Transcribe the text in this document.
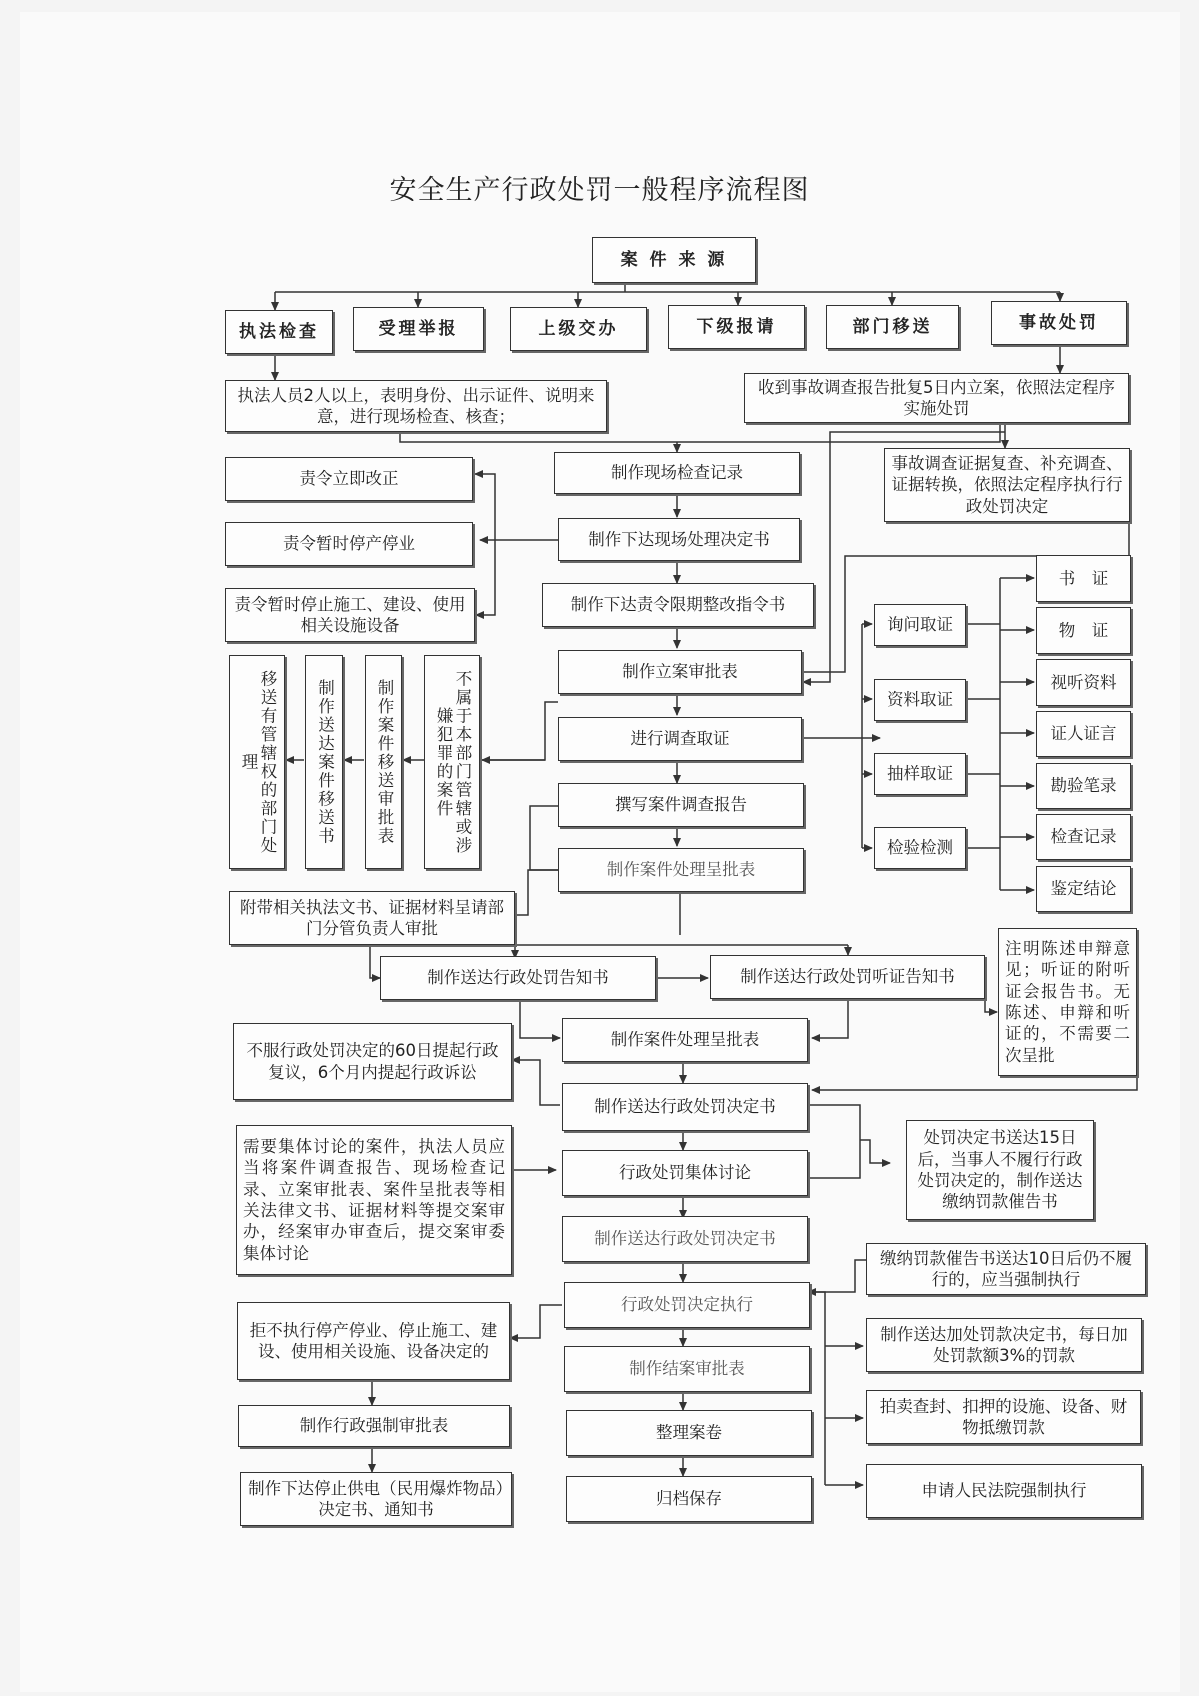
安全生产行政处罚一般程序流程图
案 件 来 源
执法检查	受理举报	上级交办	下级报请	部门移送	事故处罚
执法人员2人以上，表明身份、出示证件、说明来意，进行现场检查、核查；
收到事故调查报告批复5日内立案，依照法定程序实施处罚
制作现场检查记录	事故调查证据复查、补充调查、证据转换，依照法定程序执行行政处罚决定
责令立即改正
责令暂时停产停业	制作下达现场处理决定书
责令暂时停止施工、建设、使用相关设施设备
制作下达责令限期整改指令书
移送有管辖权的部门处理	制作送达案件移送书	制作案件移送审批表	不属于本部门管辖或涉嫌犯罪的案件
制作立案审批表
进行调查取证
询问取证
资料取证
抽样取证
检验检测
书　证
物　证
视听资料
证人证言
勘验笔录
检查记录
鉴定结论
撰写案件调查报告
制作案件处理呈批表
附带相关执法文书、证据材料呈请部门分管负责人审批
制作送达行政处罚告知书	制作送达行政处罚听证告知书
注明陈述申辩意见；听证的附听证会报告书。无陈述、申辩和听证的，不需要二次呈批
不服行政处罚决定的60日提起行政复议，6个月内提起行政诉讼
制作案件处理呈批表
制作送达行政处罚决定书
需要集体讨论的案件，执法人员应当将案件调查报告、现场检查记录、立案审批表、案件呈批表等相关法律文书、证据材料等提交案审办，经案审办审查后，提交案审委集体讨论
行政处罚集体讨论
制作送达行政处罚决定书
处罚决定书送达15日后，当事人不履行行政处罚决定的，制作送达缴纳罚款催告书
缴纳罚款催告书送达10日后仍不履行的，应当强制执行
拒不执行停产停业、停止施工、建设、使用相关设施、设备决定的
行政处罚决定执行
制作送达加处罚款决定书，每日加处罚款额3%的罚款
制作结案审批表
拍卖查封、扣押的设施、设备、财物抵缴罚款
制作行政强制审批表	整理案卷
制作下达停止供电（民用爆炸物品）决定书、通知书
归档保存	申请人民法院强制执行
